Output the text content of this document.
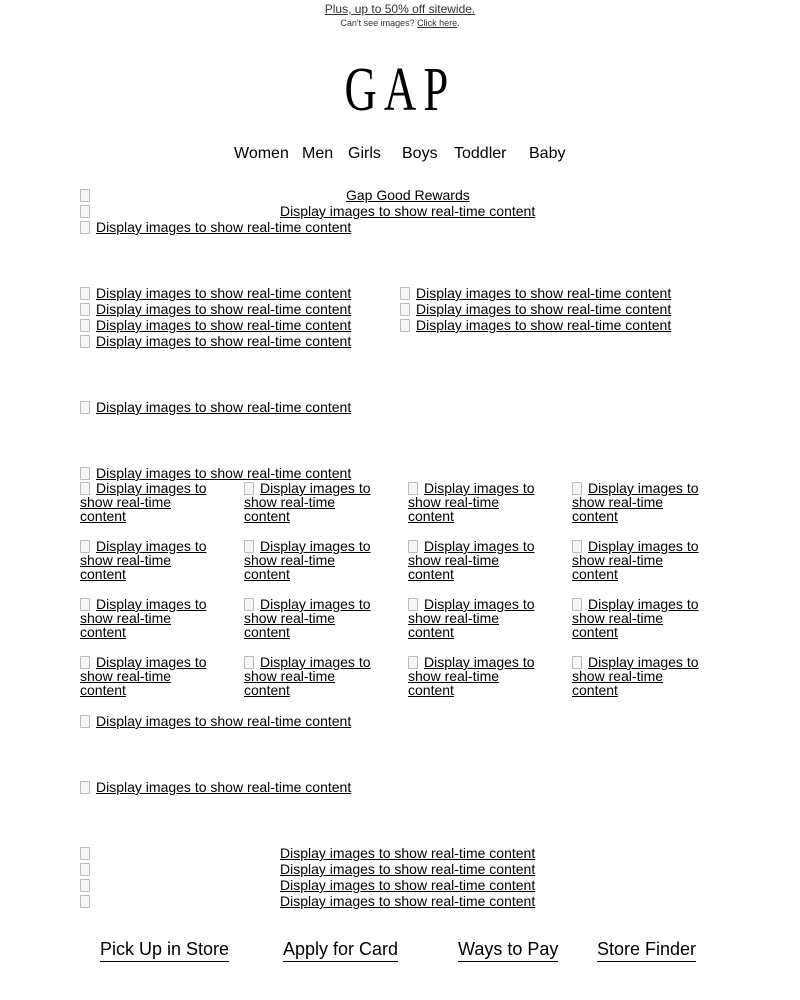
Plus, up to 50% off sitewide.
Can't see images? Click here.
GAP
Women Men Girls Boys Toddler Baby
Gap Good Rewards
Display images to show real-time content
Display images to show real-time content
Display images to show real-time content
Display images to show real-time content
Display images to show real-time content
Display images to show real-time content
Display images to show real-time content
Display images to show real-time content
Display images to show real-time content
Display images to show real-time content
Display images to show real-time content
Display images to show real-time content
Display images to show real-time content
Display images to show real-time content
Display images to show real-time content
Display images to show real-time content
Display images to show real-time content
Display images to show real-time content
Display images to show real-time content
Display images to show real-time content
Display images to show real-time content
Display images to show real-time content
Display images to show real-time content
Display images to show real-time content
Display images to show real-time content
Display images to show real-time content
Display images to show real-time content
Display images to show real-time content
Display images to show real-time content
Display images to show real-time content
Display images to show real-time content
Display images to show real-time content
Display images to show real-time content
Pick Up in Store	Apply for Card	Ways to Pay Store Finder
